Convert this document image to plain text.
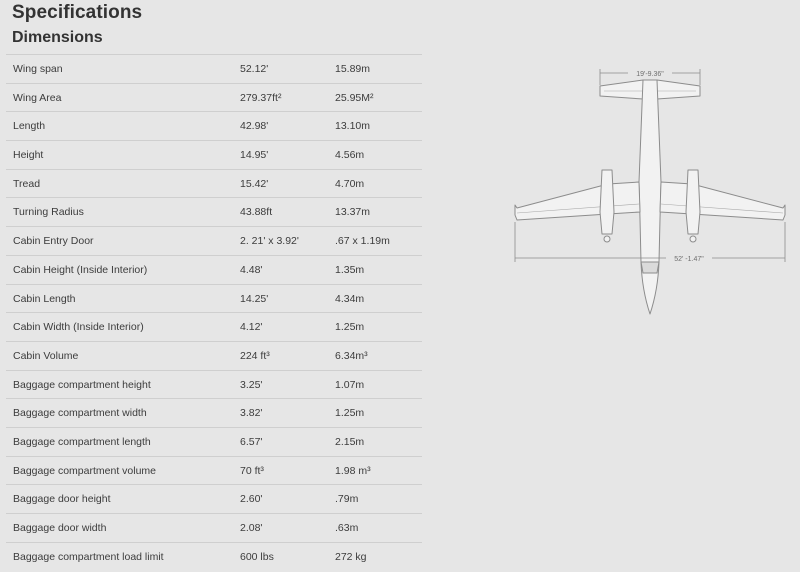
Specifications
Dimensions
Wing span	52.12'	15.89m
Wing Area	279.37ft²	25.95M²
Length	42.98'	13.10m
Height	14.95'	4.56m
Tread	15.42'	4.70m
Turning Radius	43.88ft	13.37m
Cabin Entry Door	2. 21' x 3.92'	.67 x 1.19m
Cabin Height (Inside Interior)	4.48'	1.35m
Cabin Length	14.25'	4.34m
Cabin Width (Inside Interior)	4.12'	1.25m
Cabin Volume	224 ft³	6.34m³
Baggage compartment height	3.25'	1.07m
Baggage compartment width	3.82'	1.25m
Baggage compartment length	6.57'	2.15m
Baggage compartment volume	70 ft³	1.98 m³
Baggage door height	2.60'	.79m
Baggage door width	2.08'	.63m
Baggage compartment load limit	600 lbs	272 kg
19'-9.36"
52' -1.47"
